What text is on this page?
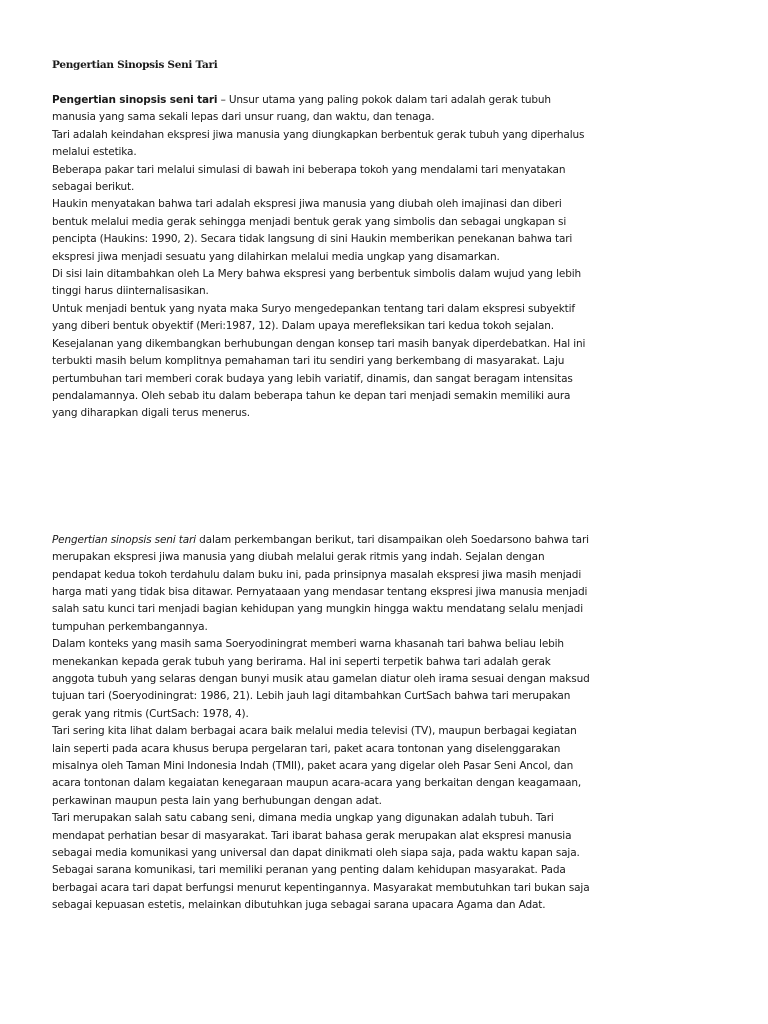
Pengertian Sinopsis Seni Tari
Pengertian sinopsis seni tari – Unsur utama yang paling pokok dalam tari adalah gerak tubuh
manusia yang sama sekali lepas dari unsur ruang, dan waktu, dan tenaga.
Tari adalah keindahan ekspresi jiwa manusia yang diungkapkan berbentuk gerak tubuh yang diperhalus
melalui estetika.
Beberapa pakar tari melalui simulasi di bawah ini beberapa tokoh yang mendalami tari menyatakan
sebagai berikut.
Haukin menyatakan bahwa tari adalah ekspresi jiwa manusia yang diubah oleh imajinasi dan diberi
bentuk melalui media gerak sehingga menjadi bentuk gerak yang simbolis dan sebagai ungkapan si
pencipta (Haukins: 1990, 2). Secara tidak langsung di sini Haukin memberikan penekanan bahwa tari
ekspresi jiwa menjadi sesuatu yang dilahirkan melalui media ungkap yang disamarkan.
Di sisi lain ditambahkan oleh La Mery bahwa ekspresi yang berbentuk simbolis dalam wujud yang lebih
tinggi harus diinternalisasikan.
Untuk menjadi bentuk yang nyata maka Suryo mengedepankan tentang tari dalam ekspresi subyektif
yang diberi bentuk obyektif (Meri:1987, 12). Dalam upaya merefleksikan tari kedua tokoh sejalan.
Kesejalanan yang dikembangkan berhubungan dengan konsep tari masih banyak diperdebatkan. Hal ini
terbukti masih belum komplitnya pemahaman tari itu sendiri yang berkembang di masyarakat. Laju
pertumbuhan tari memberi corak budaya yang lebih variatif, dinamis, dan sangat beragam intensitas
pendalamannya. Oleh sebab itu dalam beberapa tahun ke depan tari menjadi semakin memiliki aura
yang diharapkan digali terus menerus.
Pengertian sinopsis seni tari dalam perkembangan berikut, tari disampaikan oleh Soedarsono bahwa tari
merupakan ekspresi jiwa manusia yang diubah melalui gerak ritmis yang indah. Sejalan dengan
pendapat kedua tokoh terdahulu dalam buku ini, pada prinsipnya masalah ekspresi jiwa masih menjadi
harga mati yang tidak bisa ditawar. Pernyataaan yang mendasar tentang ekspresi jiwa manusia menjadi
salah satu kunci tari menjadi bagian kehidupan yang mungkin hingga waktu mendatang selalu menjadi
tumpuhan perkembangannya.
Dalam konteks yang masih sama Soeryodiningrat memberi warna khasanah tari bahwa beliau lebih
menekankan kepada gerak tubuh yang berirama. Hal ini seperti terpetik bahwa tari adalah gerak
anggota tubuh yang selaras dengan bunyi musik atau gamelan diatur oleh irama sesuai dengan maksud
tujuan tari (Soeryodiningrat: 1986, 21). Lebih jauh lagi ditambahkan CurtSach bahwa tari merupakan
gerak yang ritmis (CurtSach: 1978, 4).
Tari sering kita lihat dalam berbagai acara baik melalui media televisi (TV), maupun berbagai kegiatan
lain seperti pada acara khusus berupa pergelaran tari, paket acara tontonan yang diselenggarakan
misalnya oleh Taman Mini Indonesia Indah (TMII), paket acara yang digelar oleh Pasar Seni Ancol, dan
acara tontonan dalam kegaiatan kenegaraan maupun acara-acara yang berkaitan dengan keagamaan,
perkawinan maupun pesta lain yang berhubungan dengan adat.
Tari merupakan salah satu cabang seni, dimana media ungkap yang digunakan adalah tubuh. Tari
mendapat perhatian besar di masyarakat. Tari ibarat bahasa gerak merupakan alat ekspresi manusia
sebagai media komunikasi yang universal dan dapat dinikmati oleh siapa saja, pada waktu kapan saja.
Sebagai sarana komunikasi, tari memiliki peranan yang penting dalam kehidupan masyarakat. Pada
berbagai acara tari dapat berfungsi menurut kepentingannya. Masyarakat membutuhkan tari bukan saja
sebagai kepuasan estetis, melainkan dibutuhkan juga sebagai sarana upacara Agama dan Adat.
